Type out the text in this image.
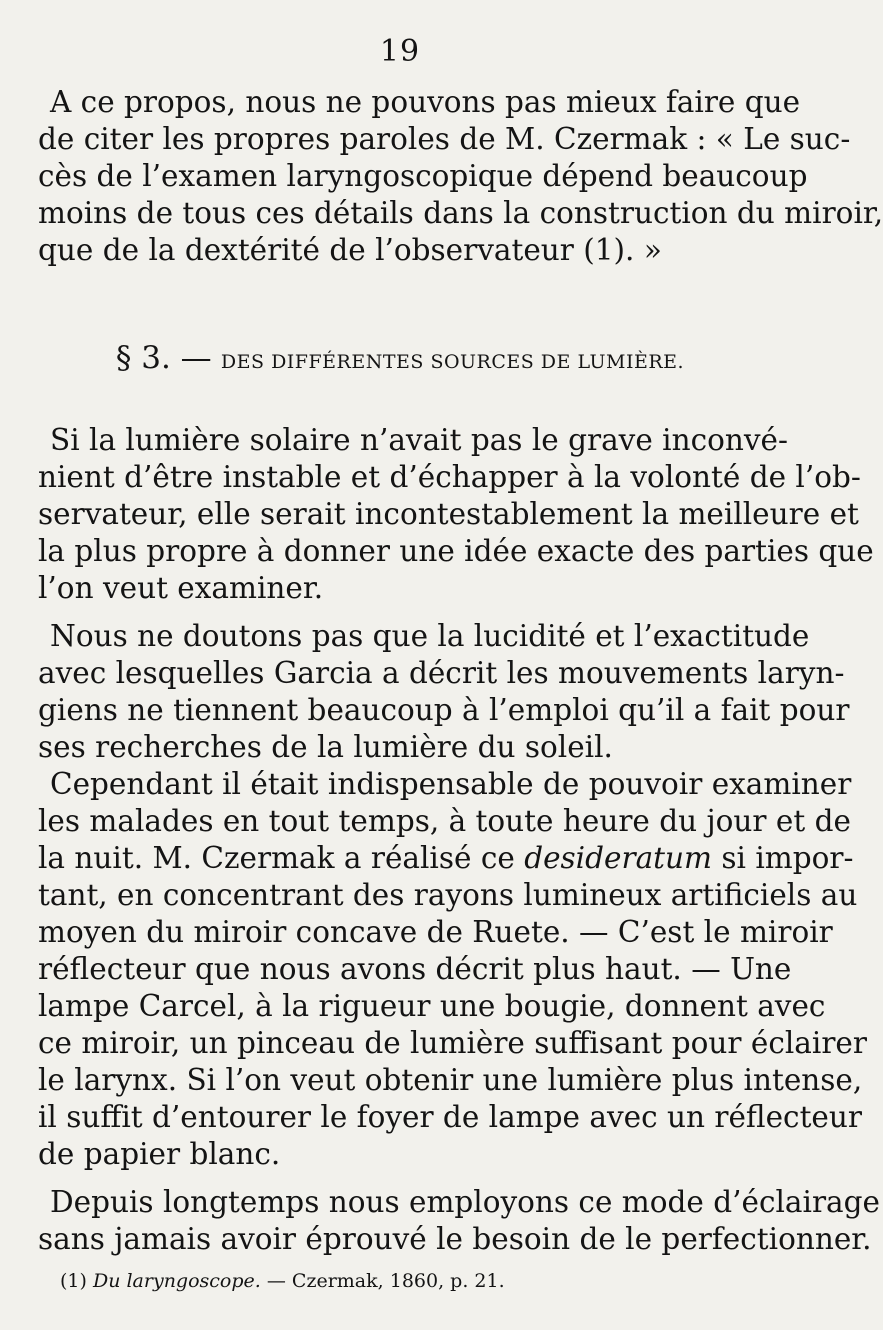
19
A ce propos, nous ne pouvons pas mieux faire que
de citer les propres paroles de M. Czermak : « Le suc-
cès de l’examen laryngoscopique dépend beaucoup
moins de tous ces détails dans la construction du miroir,
que de la dextérité de l’observateur (1). »
§ 3. — DES DIFFÉRENTES SOURCES DE LUMIÈRE.
Si la lumière solaire n’avait pas le grave inconvé-
nient d’être instable et d’échapper à la volonté de l’ob-
servateur, elle serait incontestablement la meilleure et
la plus propre à donner une idée exacte des parties que
l’on veut examiner.
Nous ne doutons pas que la lucidité et l’exactitude
avec lesquelles Garcia a décrit les mouvements laryn-
giens ne tiennent beaucoup à l’emploi qu’il a fait pour
ses recherches de la lumière du soleil.
Cependant il était indispensable de pouvoir examiner
les malades en tout temps, à toute heure du jour et de
la nuit. M. Czermak a réalisé ce desideratum si impor-
tant, en concentrant des rayons lumineux artificiels au
moyen du miroir concave de Ruete. — C’est le miroir
réflecteur que nous avons décrit plus haut. — Une
lampe Carcel, à la rigueur une bougie, donnent avec
ce miroir, un pinceau de lumière suffisant pour éclairer
le larynx. Si l’on veut obtenir une lumière plus intense,
il suffit d’entourer le foyer de lampe avec un réflecteur
de papier blanc.
Depuis longtemps nous employons ce mode d’éclairage
sans jamais avoir éprouvé le besoin de le perfectionner.
(1) Du laryngoscope. — Czermak, 1860, p. 21.
